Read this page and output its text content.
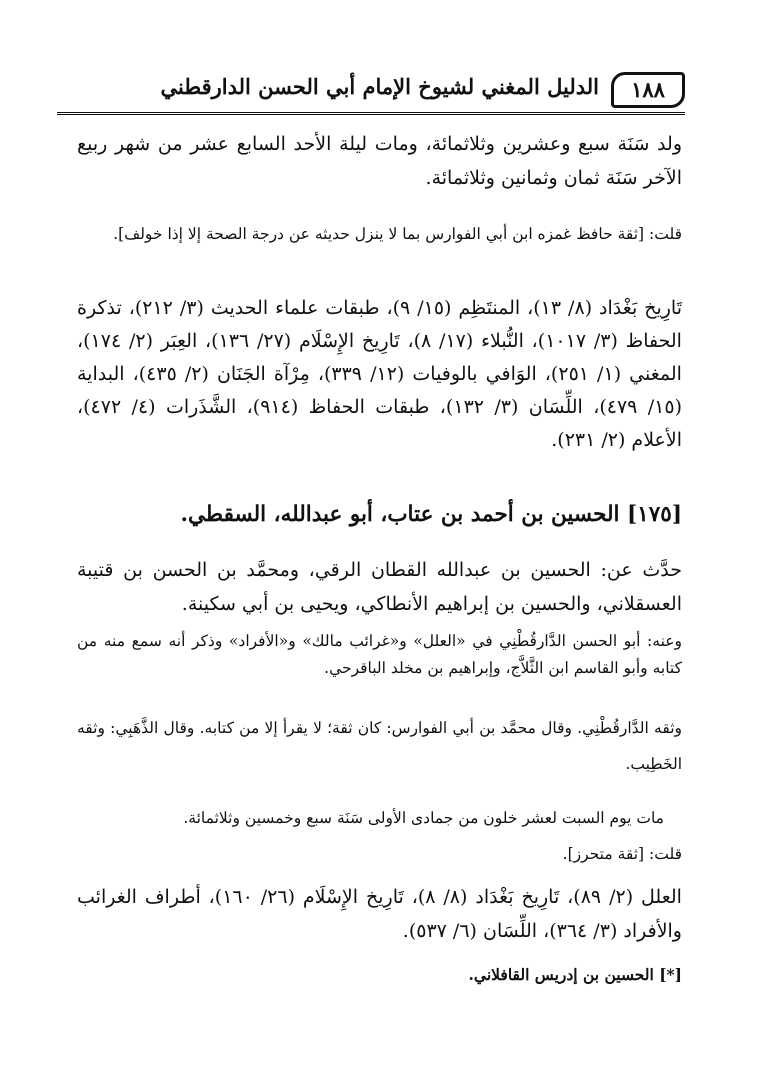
١٨٨
الدليل المغني لشيوخ الإمام أبي الحسن الدارقطني
ولد سَنَة سبع وعشرين وثلاثمائة، ومات ليلة الأحد السابع عشر من شهر ربيع الآخر سَنَة ثمان وثمانين وثلاثمائة.
قلت: [ثقة حافظ غمزه ابن أبي الفوارس بما لا ينزل حديثه عن درجة الصحة إلا إذا خولف].
تَارِيخ بَغْدَاد (٨/ ١٣)، المنتَظِم (١٥/ ٩)، طبقات علماء الحديث (٣/ ٢١٢)، تذكرة الحفاظ (٣/ ١٠١٧)، النُّبلاء (١٧/ ٨)، تَارِيخ الإِسْلَام (٢٧/ ١٣٦)، العِبَر (٢/ ١٧٤)، المغني (١/ ٢٥١)، الوَافي بالوفيات (١٢/ ٣٣٩)، مِرْآة الجَنَان (٢/ ٤٣٥)، البداية (١٥/ ٤٧٩)، اللِّسَان (٣/ ١٣٢)، طبقات الحفاظ (٩١٤)، الشَّذَرات (٤/ ٤٧٢)، الأعلام (٢/ ٢٣١).
[١٧٥] الحسين بن أحمد بن عتاب، أبو عبدالله، السقطي.
حدَّث عن: الحسين بن عبدالله القطان الرقي، ومحمَّد بن الحسن بن قتيبة العسقلاني، والحسين بن إبراهيم الأنطاكي، ويحيى بن أبي سكينة.
وعنه: أبو الحسن الدَّارقُطْنِي في «العلل» و«غرائب مالك» و«الأفراد» وذكر أنه سمع منه من كتابه وأبو القاسم ابن الثَّلاَّج، وإبراهيم بن مخلد الباقرحي.
وثقه الدَّارقُطْنِي. وقال محمَّد بن أبي الفوارس: كان ثقة؛ لا يقرأ إلا من كتابه. وقال الذَّهَبِي: وثقه الخَطِيب.
مات يوم السبت لعشر خلون من جمادى الأولى سَنَة سبع وخمسين وثلاثمائة.
قلت: [ثقة متحرز].
العلل (٢/ ٨٩)، تَارِيخ بَغْدَاد (٨/ ٨)، تَارِيخ الإِسْلَام (٢٦/ ١٦٠)، أطراف الغرائب والأفراد (٣/ ٣٦٤)، اللِّسَان (٦/ ٥٣٧).
[*] الحسين بن إدريس القافلاني.
